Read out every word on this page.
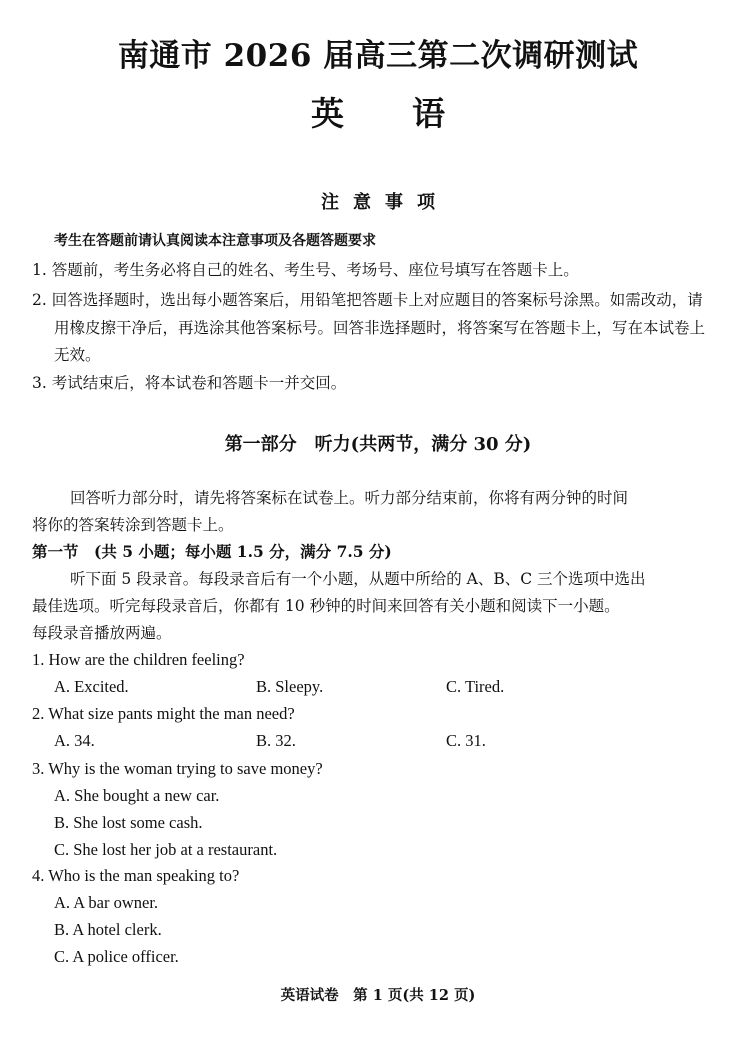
南通市 2026 届高三第二次调研测试
英 语
注 意 事 项
考生在答题前请认真阅读本注意事项及各题答题要求
1. 答题前，考生务必将自己的姓名、考生号、考场号、座位号填写在答题卡上。
2. 回答选择题时，选出每小题答案后，用铅笔把答题卡上对应题目的答案标号涂黑。如需改动，请
用橡皮擦干净后，再选涂其他答案标号。回答非选择题时，将答案写在答题卡上，写在本试卷上
无效。
3. 考试结束后，将本试卷和答题卡一并交回。
第一部分　听力(共两节，满分 30 分)
回答听力部分时，请先将答案标在试卷上。听力部分结束前，你将有两分钟的时间
将你的答案转涂到答题卡上。
第一节　(共 5 小题；每小题 1.5 分，满分 7.5 分)
听下面 5 段录音。每段录音后有一个小题，从题中所给的 A、B、C 三个选项中选出
最佳选项。听完每段录音后，你都有 10 秒钟的时间来回答有关小题和阅读下一小题。
每段录音播放两遍。
1. How are the children feeling?
A. Excited.	B. Sleepy.	C. Tired.
2. What size pants might the man need?
A. 34.	B. 32.	C. 31.
3. Why is the woman trying to save money?
A. She bought a new car.
B. She lost some cash.
C. She lost her job at a restaurant.
4. Who is the man speaking to?
A. A bar owner.
B. A hotel clerk.
C. A police officer.
英语试卷　第 1 页(共 12 页)
